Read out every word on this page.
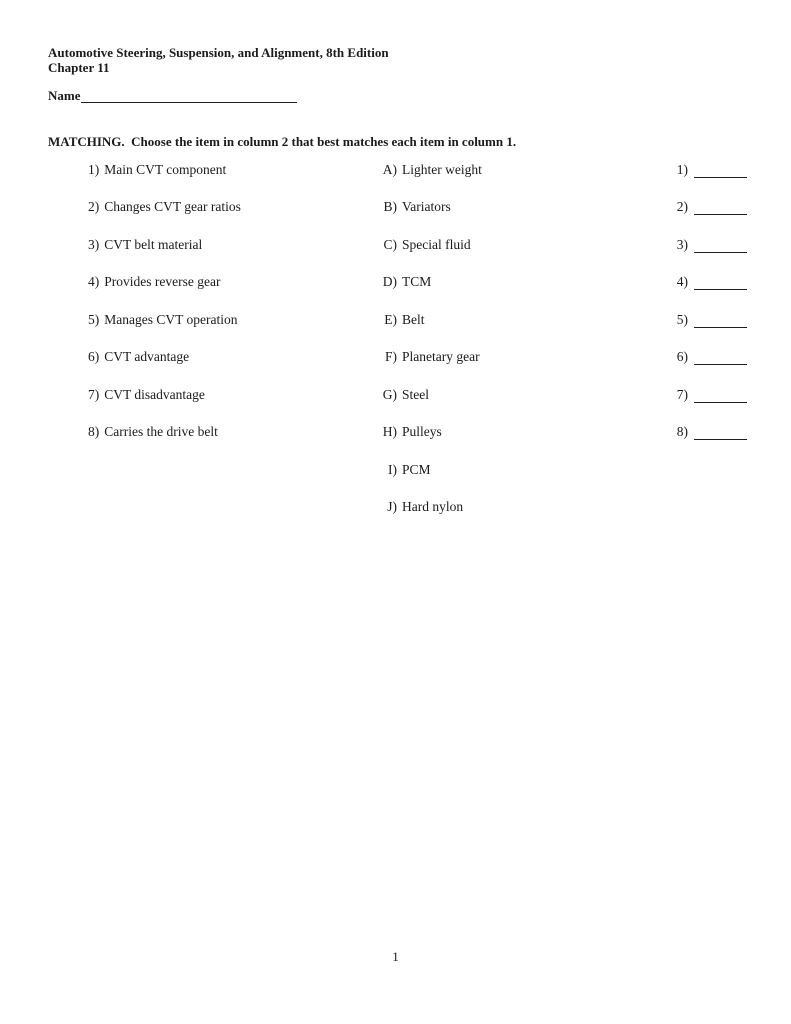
Automotive Steering, Suspension, and Alignment, 8th Edition
Chapter 11
Name
MATCHING.  Choose the item in column 2 that best matches each item in column 1.
1) Main CVT component
2) Changes CVT gear ratios
3) CVT belt material
4) Provides reverse gear
5) Manages CVT operation
6) CVT advantage
7) CVT disadvantage
8) Carries the drive belt
A) Lighter weight
B) Variators
C) Special fluid
D) TCM
E) Belt
F) Planetary gear
G) Steel
H) Pulleys
I) PCM
J) Hard nylon
1)
2)
3)
4)
5)
6)
7)
8)
1
